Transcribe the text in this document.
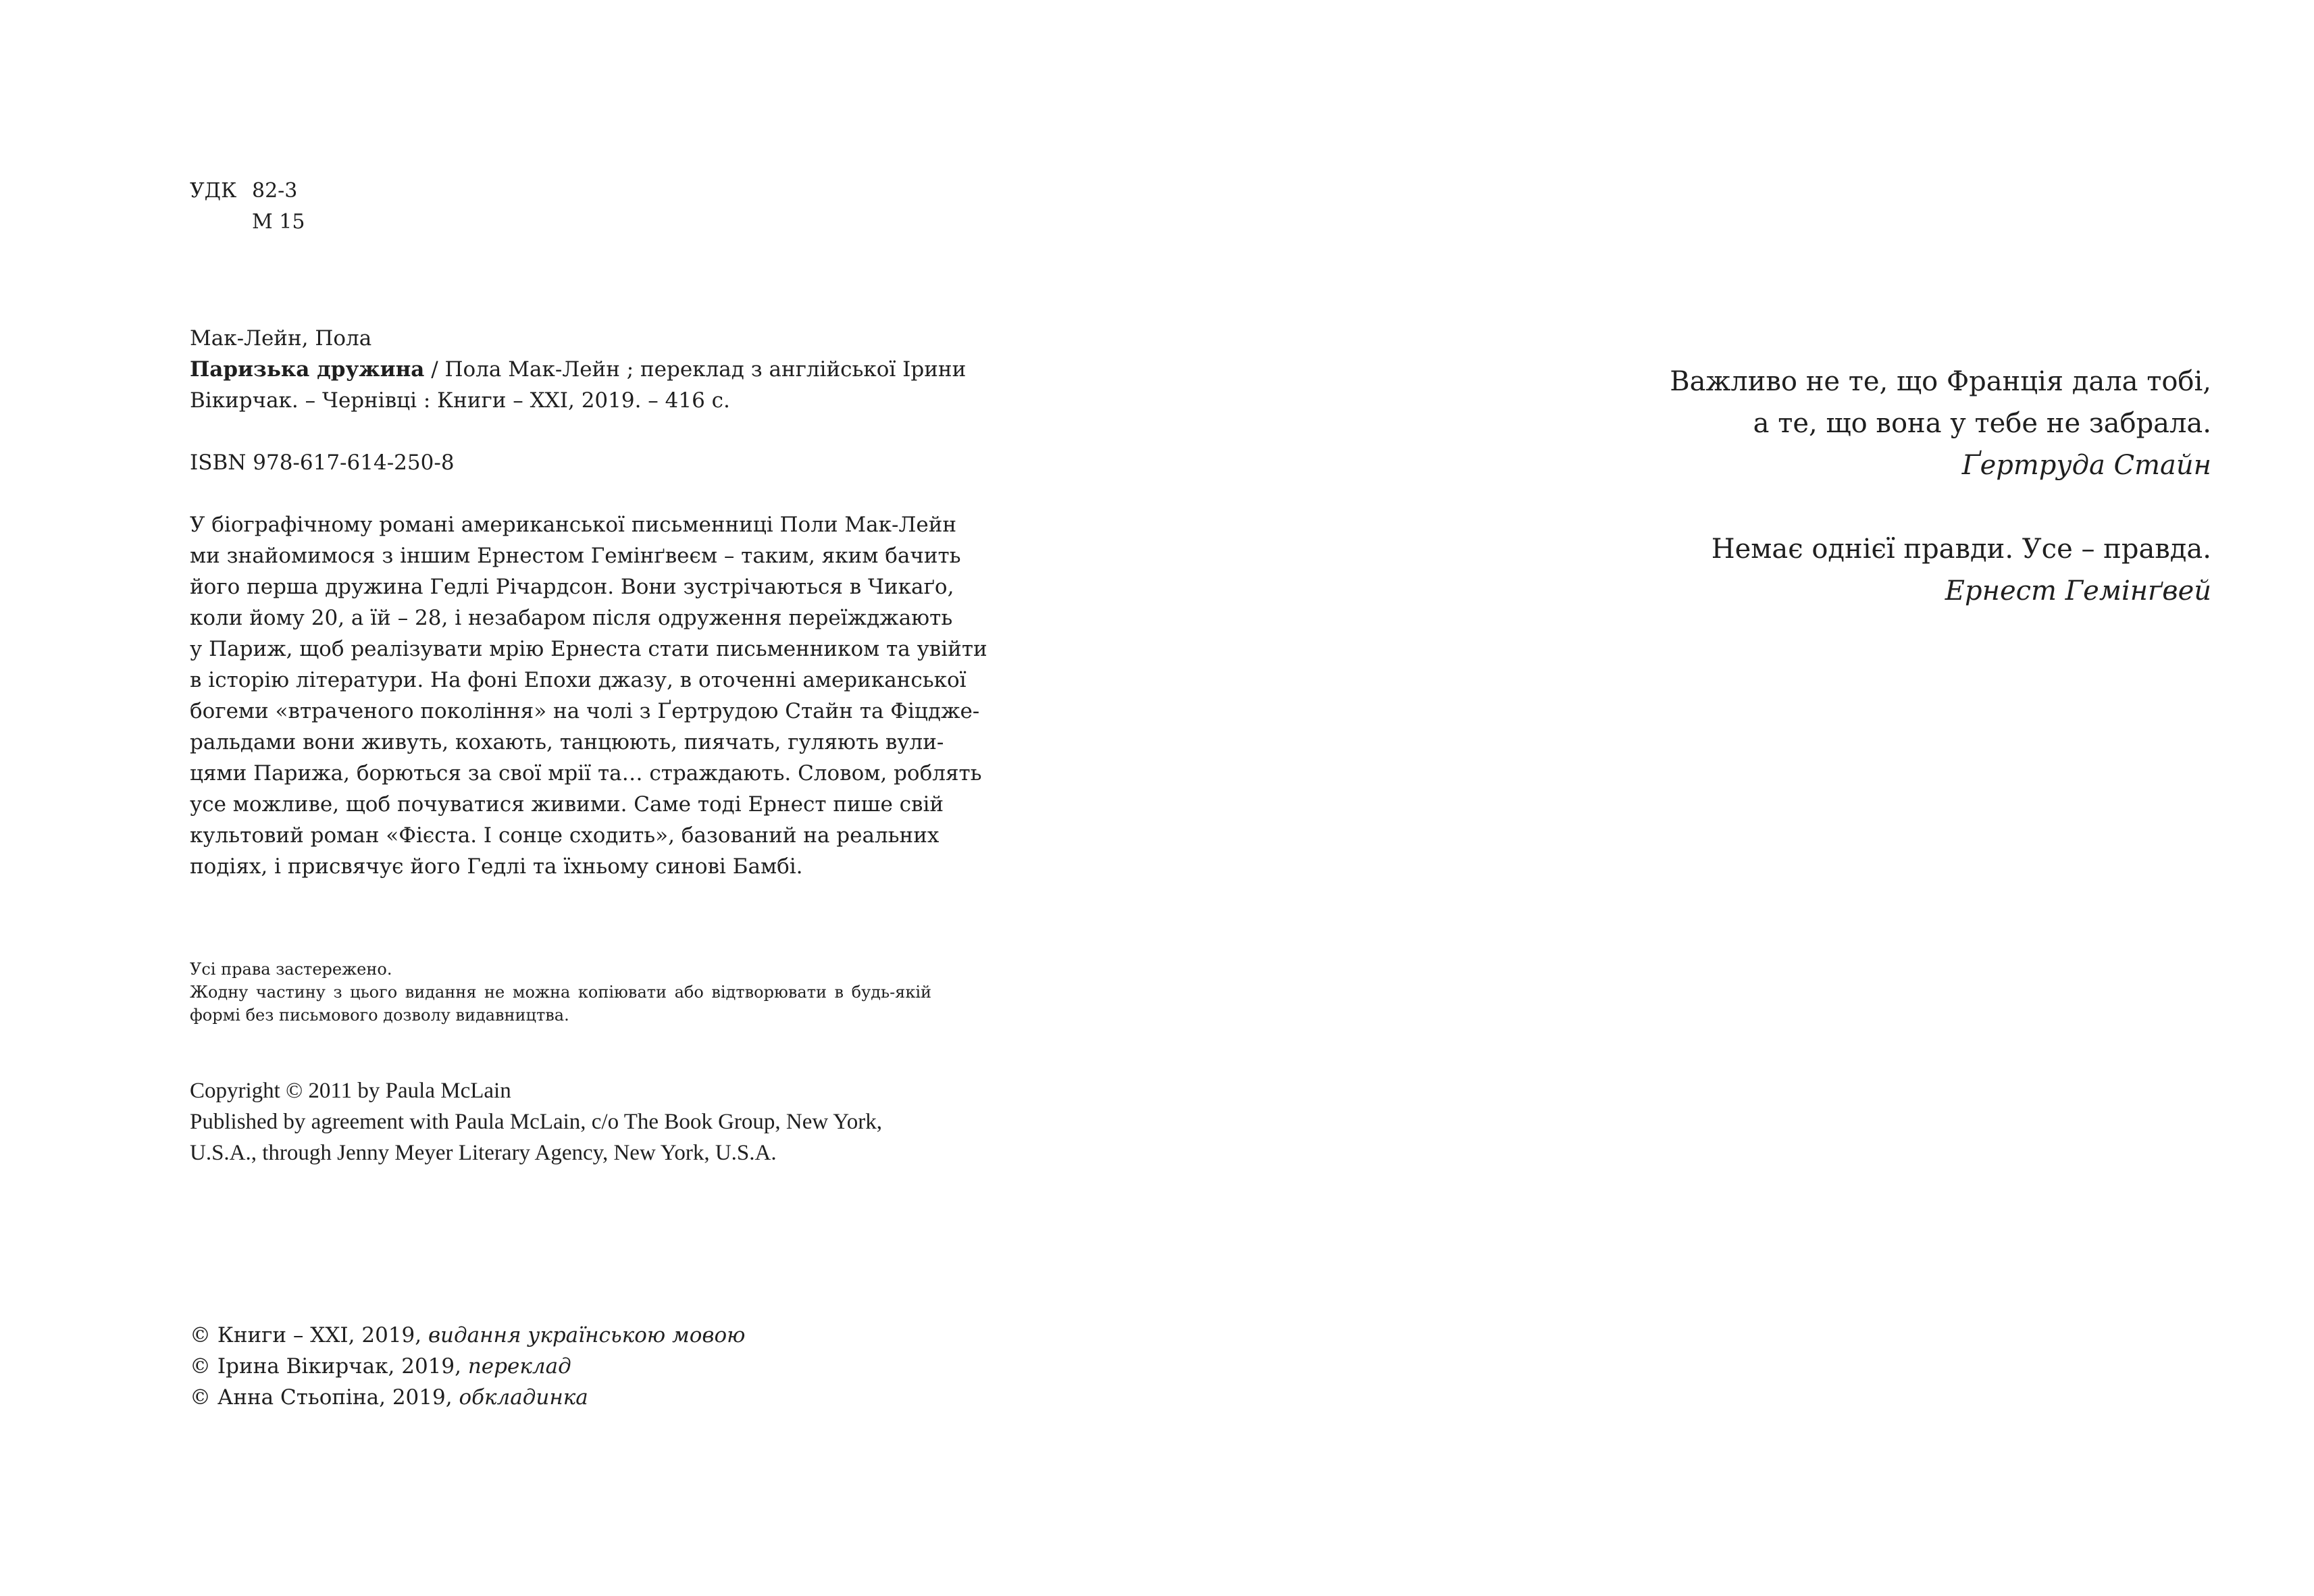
УДК 82-3
М 15
Мак-Лейн, Пола
Паризька дружина / Пола Мак-Лейн ; переклад з англійської Ірини
Вікирчак. – Чернівці : Книги – ХХІ, 2019. – 416 с.
ISBN 978-617-614-250-8
У біографічному романі американської письменниці Поли Мак-Лейн
ми знайомимося з іншим Ернестом Гемінґвеєм – таким, яким бачить
його перша дружина Гедлі Річардсон. Вони зустрічаються в Чикаґо,
коли йому 20, а їй – 28, і незабаром після одруження переїжджають
у Париж, щоб реалізувати мрію Ернеста стати письменником та увійти
в історію літератури. На фоні Епохи джазу, в оточенні американської
богеми «втраченого покоління» на чолі з Ґертрудою Стайн та Фіцдже-
ральдами вони живуть, кохають, танцюють, пиячать, гуляють вули-
цями Парижа, борються за свої мрії та… страждають. Словом, роблять
усе можливе, щоб почуватися живими. Саме тоді Ернест пише свій
культовий роман «Фієста. І сонце сходить», базований на реальних
подіях, і присвячує його Гедлі та їхньому синові Бамбі.
Усі права застережено.
Жодну частину з цього видання не можна копіювати або відтворювати в будь-якій
формі без письмового дозволу видавництва.
Copyright © 2011 by Paula McLain
Published by agreement with Paula McLain, c/o The Book Group, New York,
U.S.A., through Jenny Meyer Literary Agency, New York, U.S.A.
© Книги – ХХІ, 2019, видання українською мовою
© Ірина Вікирчак, 2019, переклад
© Анна Стьопіна, 2019, обкладинка
Важливо не те, що Франція дала тобі,
а те, що вона у тебе не забрала.
Ґертруда Стайн
Немає однієї правди. Усе – правда.
Ернест Гемінґвей
